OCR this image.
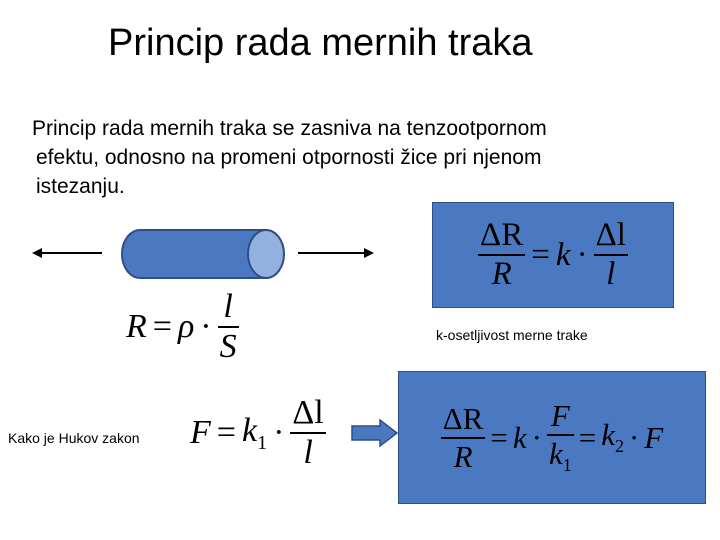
Princip rada mernih traka
Princip rada mernih traka se zasniva na tenzootpornom
efektu, odnosno na promeni otpornosti žice pri njenom
istezanju.
$R = \rho \cdot \frac{l}{S}$
$\frac{\Delta R}{R} = k \cdot \frac{\Delta l}{l}$
k-osetljivost merne trake
Kako je Hukov zakon $F = k_1 \cdot \frac{\Delta l}{l}$	$\frac{\Delta R}{R} = k \cdot \frac{F}{k_1} = k_2 \cdot F$
